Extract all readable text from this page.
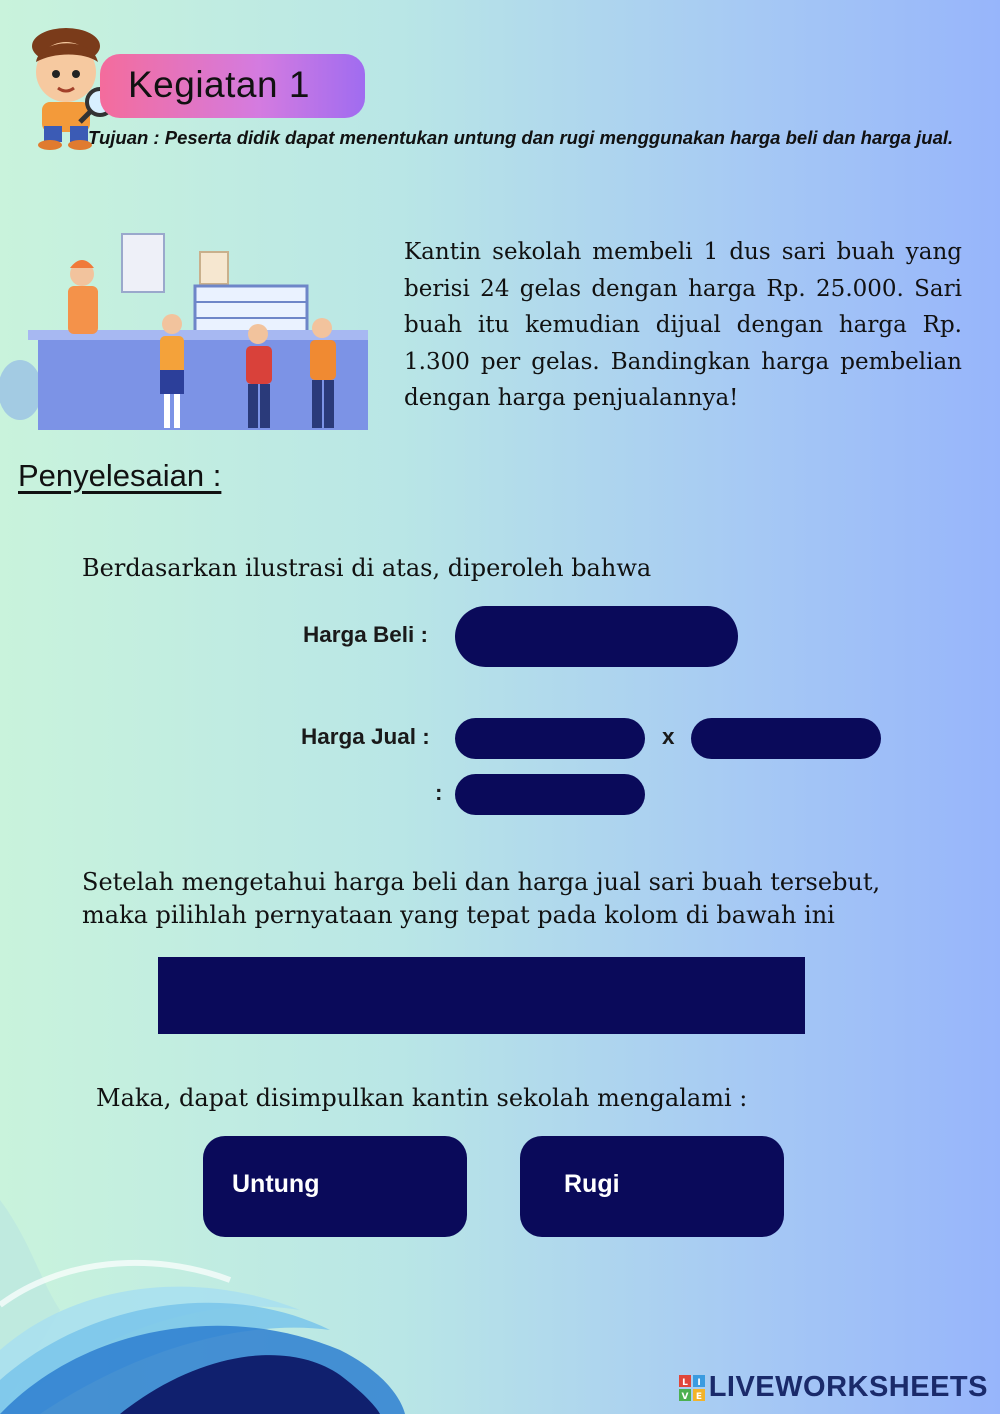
Kegiatan 1
Tujuan : Peserta didik dapat menentukan untung dan rugi menggunakan harga beli dan harga jual.
Kantin sekolah membeli 1 dus sari buah yang berisi 24 gelas dengan harga Rp. 25.000. Sari buah itu kemudian dijual dengan harga Rp. 1.300 per gelas. Bandingkan harga pembelian dengan harga penjualannya!
Penyelesaian :
Berdasarkan ilustrasi di atas, diperoleh bahwa
Harga Beli :
Harga Jual :	x
:
Setelah mengetahui harga beli dan harga jual sari buah tersebut, maka pilihlah pernyataan yang tepat pada kolom di bawah ini
Maka, dapat disimpulkan kantin sekolah mengalami :
Untung	Rugi
L I
V E LIVEWORKSHEETS
